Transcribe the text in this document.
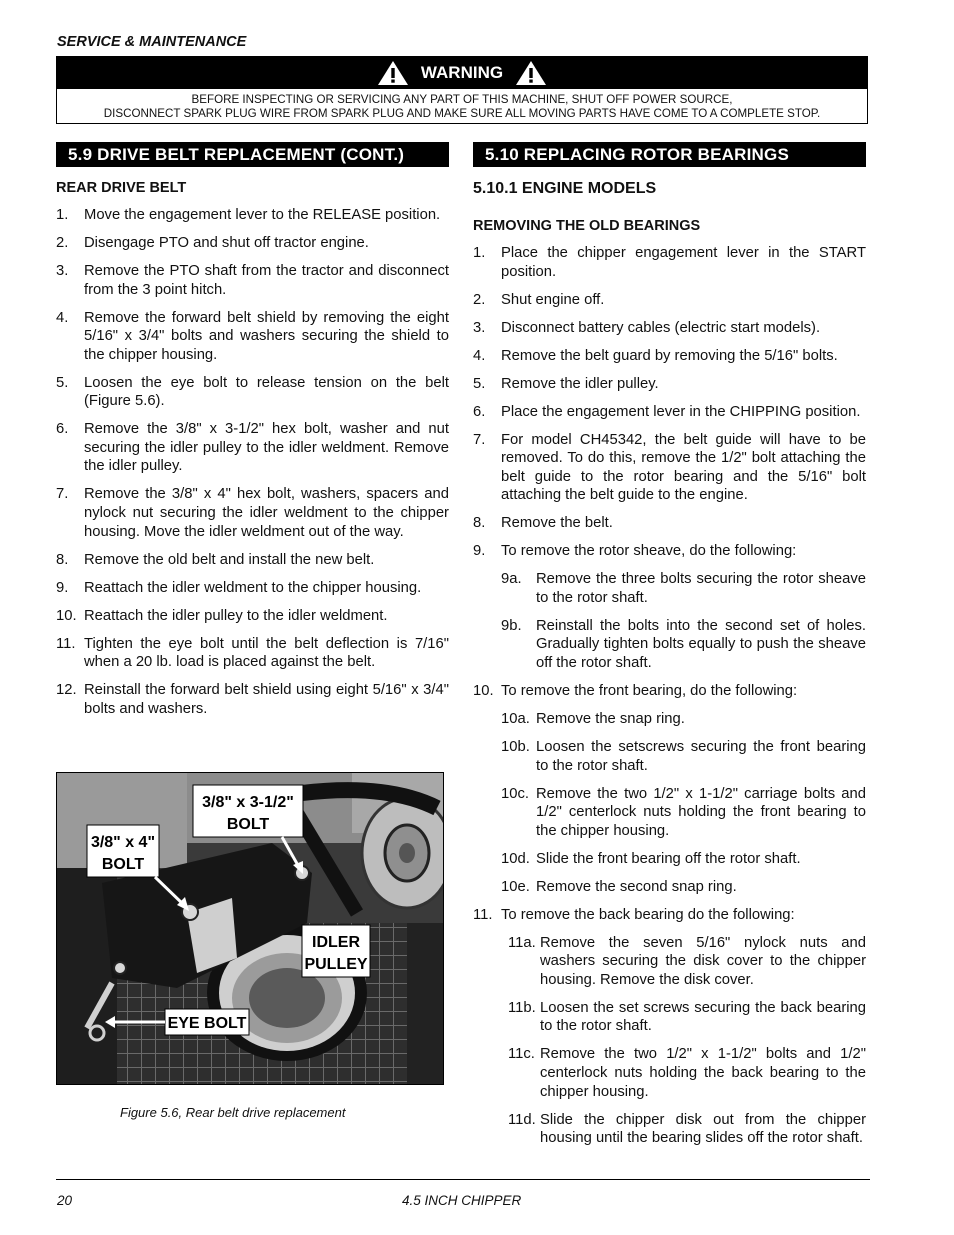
SERVICE & MAINTENANCE
WARNING
BEFORE INSPECTING OR SERVICING ANY PART OF THIS MACHINE, SHUT OFF POWER SOURCE,
DISCONNECT SPARK PLUG WIRE FROM SPARK PLUG AND MAKE SURE ALL MOVING PARTS HAVE COME TO A COMPLETE STOP.
5.9 DRIVE BELT REPLACEMENT (CONT.)
REAR DRIVE BELT
1. Move the engagement lever to the RELEASE position.
2. Disengage PTO and shut off tractor engine.
3. Remove the PTO shaft from the tractor and disconnect from the 3 point hitch.
4. Remove the forward belt shield by removing the eight 5/16" x 3/4" bolts and washers securing the shield to the chipper housing.
5. Loosen the eye bolt to release tension on the belt (Figure 5.6).
6. Remove the 3/8" x 3-1/2" hex bolt, washer and nut securing the idler pulley to the idler weldment. Remove the idler pulley.
7. Remove the 3/8" x 4" hex bolt, washers, spacers and nylock nut securing the idler weldment to the chipper housing. Move the idler weldment out of the way.
8. Remove the old belt and install the new belt.
9. Reattach the idler weldment to the chipper housing.
10. Reattach the idler pulley to the idler weldment.
11. Tighten the eye bolt until the belt deflection is 7/16" when a 20 lb. load is placed against the belt.
12. Reinstall the forward belt shield using eight 5/16" x 3/4" bolts and washers.
3/8" x 3-1/2"
BOLT
3/8" x 4"
BOLT
IDLER
PULLEY
EYE BOLT
Figure 5.6, Rear belt drive replacement
5.10 REPLACING ROTOR BEARINGS
5.10.1 ENGINE MODELS
REMOVING THE OLD BEARINGS
1. Place the chipper engagement lever in the START position.
2. Shut engine off.
3. Disconnect battery cables (electric start models).
4. Remove the belt guard by removing the 5/16" bolts.
5. Remove the idler pulley.
6. Place the engagement lever in the CHIPPING position.
7. For model CH45342, the belt guide will have to be removed. To do this, remove the 1/2" bolt attaching the belt guide to the rotor bearing and the 5/16" bolt attaching the belt guide to the engine.
8. Remove the belt.
9. To remove the rotor sheave, do the following:
9a. Remove the three bolts securing the rotor sheave to the rotor shaft.
9b. Reinstall the bolts into the second set of holes. Gradually tighten bolts equally to push the sheave off the rotor shaft.
10. To remove the front bearing, do the following:
10a. Remove the snap ring.
10b. Loosen the setscrews securing the front bearing to the rotor shaft.
10c. Remove the two 1/2" x 1-1/2" carriage bolts and 1/2" centerlock nuts holding the front bearing to the chipper housing.
10d. Slide the front bearing off the rotor shaft.
10e. Remove the second snap ring.
11. To remove the back bearing do the following:
11a. Remove the seven 5/16" nylock nuts and washers securing the disk cover to the chipper housing. Remove the disk cover.
11b. Loosen the set screws securing the back bearing to the rotor shaft.
11c. Remove the two 1/2" x 1-1/2" bolts and 1/2" centerlock nuts holding the back bearing to the chipper housing.
11d. Slide the chipper disk out from the chipper housing until the bearing slides off the rotor shaft.
20	4.5 INCH CHIPPER
